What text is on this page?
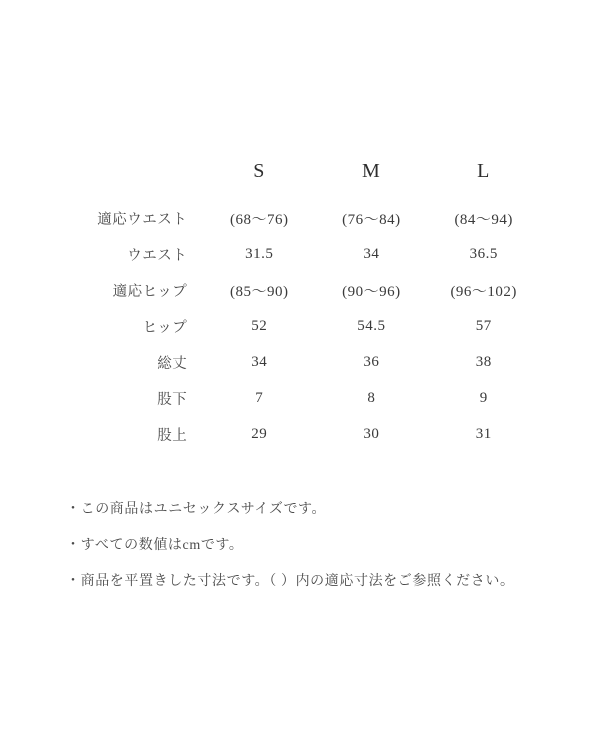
	S	M	L
適応ウエスト	(68〜76)	(76〜84)	(84〜94)
ウエスト	31.5	34	36.5
適応ヒップ	(85〜90)	(90〜96)	(96〜102)
ヒップ	52	54.5	57
総丈	34	36	38
股下	7	8	9
股上	29	30	31
・この商品はユニセックスサイズです。
・すべての数値はcmです。
・商品を平置きした寸法です。（ ）内の適応寸法をご参照ください。
